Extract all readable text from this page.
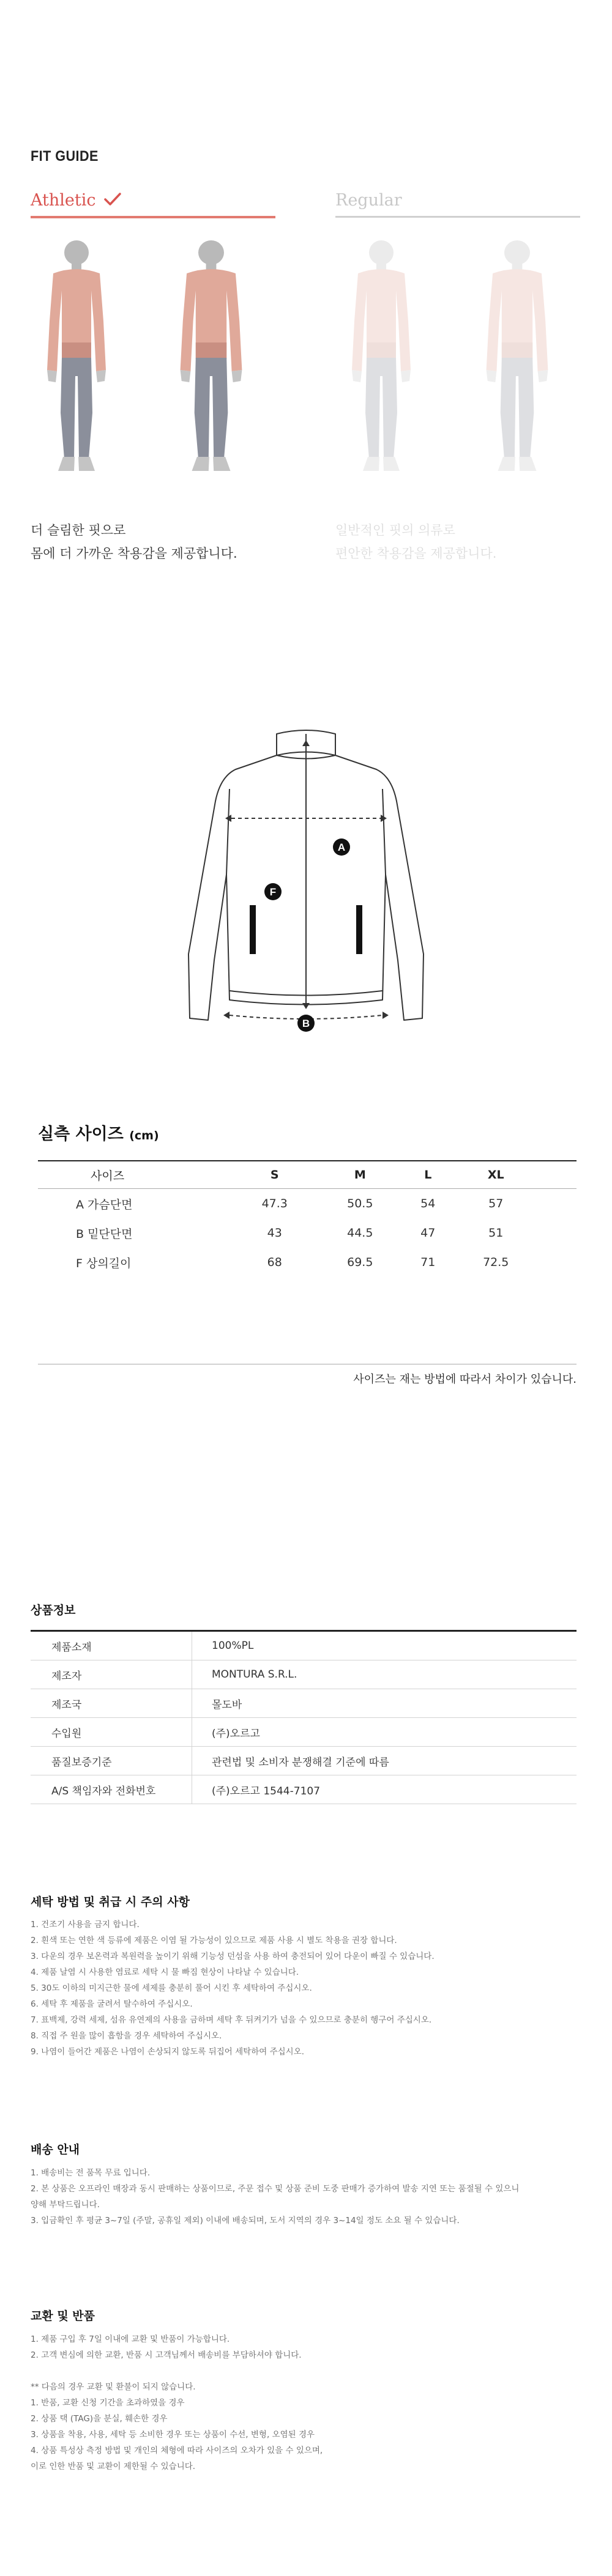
FIT GUIDE
Athletic	Regular
더 슬림한 핏으로
몸에 더 가까운 착용감을 제공합니다.
일반적인 핏의 의류로
편안한 착용감을 제공합니다.
A
F
B
실측 사이즈 (cm)
사이즈	S	M	L	XL	
A 가슴단면	47.3	50.5	54	57	
B 밑단단면	43	44.5	47	51	
F 상의길이	68	69.5	71	72.5	
사이즈는 재는 방법에 따라서 차이가 있습니다.
상품정보
제품소재	100%PL
제조자	MONTURA S.R.L.
제조국	몰도바
수입원	(주)오르고
품질보증기준	관련법 및 소비자 분쟁해결 기준에 따름
A/S 책임자와 전화번호	(주)오르고 1544-7107
세탁 방법 및 취급 시 주의 사항
1. 건조기 사용을 금지 합니다.
2. 흰색 또는 연한 색 등류에 제품은 이염 될 가능성이 있으므로 제품 사용 시 별도 착용을 권장 합니다.
3. 다운의 경우 보온력과 복원력을 높이기 위해 기능성 던섬을 사용 하여 충전되어 있어 다운이 빠질 수 있습니다.
4. 제품 날염 시 사용한 염료로 세탁 시 물 빠짐 현상이 나타날 수 있습니다.
5. 30도 이하의 미지근한 물에 세제를 충분히 풀어 시킨 후 세탁하여 주십시오.
6. 세탁 후 제품을 굴려서 탈수하여 주십시오.
7. 표백제, 강력 세제, 섬유 유연제의 사용을 금하며 세탁 후 뒤켜기가 넘을 수 있으므로 충분히 헹구어 주십시오.
8. 직접 주 원을 많이 흡함을 경우 세탁하여 주십시오.
9. 나염이 들어간 제품은 나염이 손상되지 않도록 뒤집어 세탁하여 주십시오.
배송 안내
1. 배송비는 전 품목 무료 입니다.
2. 본 상품은 오프라인 매장과 동시 판매하는 상품이므로, 주문 접수 및 상품 준비 도중 판매가 증가하여 발송 지연 또는 품절될 수 있으니
양해 부탁드립니다.
3. 입금확인 후 평균 3~7일 (주말, 공휴일 제외) 이내에 배송되며, 도서 지역의 경우 3~14일 정도 소요 될 수 있습니다.
교환 및 반품
1. 제품 구입 후 7일 이내에 교환 및 반품이 가능합니다.
2. 고객 변심에 의한 교환, 반품 시 고객님께서 배송비를 부담하셔야 합니다.
** 다음의 경우 교환 및 환불이 되지 않습니다.
1. 반품, 교환 신청 기간을 초과하였을 경우
2. 상품 택 (TAG)을 분실, 훼손한 경우
3. 상품을 착용, 사용, 세탁 등 소비한 경우 또는 상품이 수선, 변형, 오염된 경우
4. 상품 특성상 측정 방법 및 개인의 체형에 따라 사이즈의 오차가 있을 수 있으며,
이로 인한 반품 및 교환이 제한될 수 있습니다.
